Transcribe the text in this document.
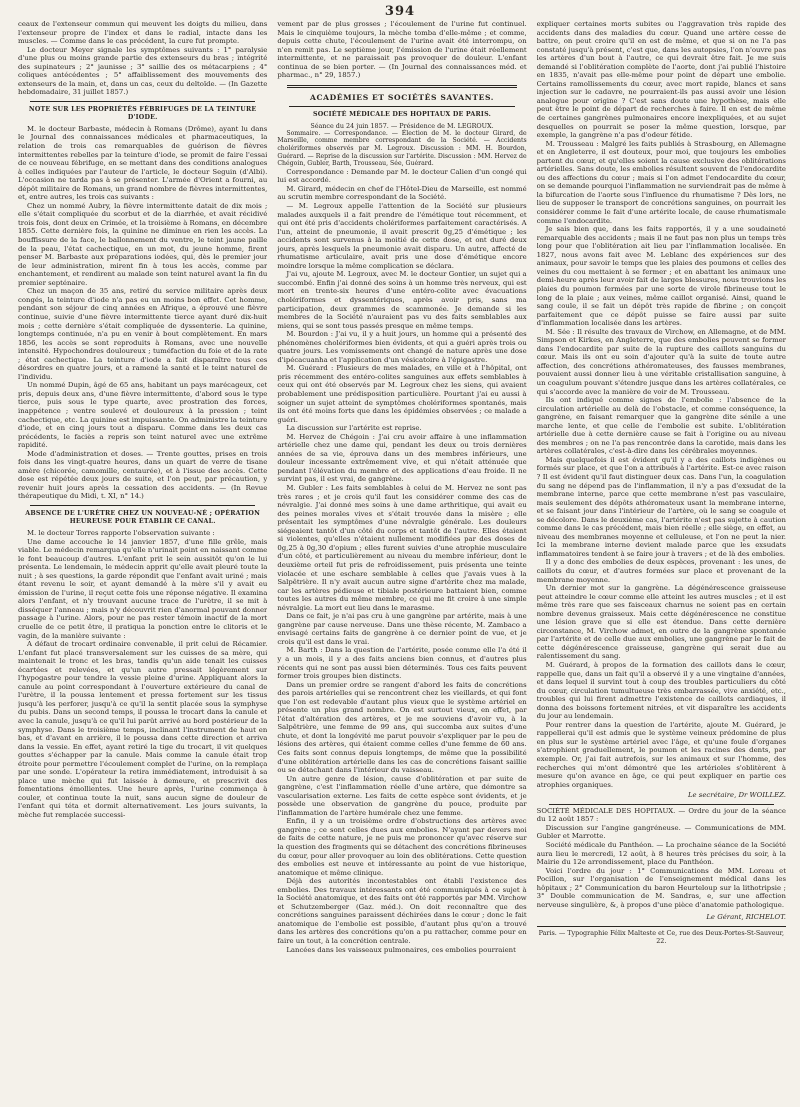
394

ceaux de l'extenseur commun qui meuvent les doigts du milieu, dans l'extenseur propre de l'index et dans le radial, intacte dans les muscles. — Comme dans le cas précédent, la cure fut prompte.

Le docteur Meyer signale les symptômes suivants : 1° paralysie d'une plus ou moins grande partie des extenseurs du bras ; intégrité des supinateurs ; 2° jaunisse ; 3° saillie des os métacarpiens ; 4° coliques antécédentes ; 5° affaiblissement des mouvements des extenseurs de la main, et, dans un cas, ceux du deltoïde. — (In Gazette hebdomadaire, 31 juillet 1857.)

NOTE SUR LES PROPRIÉTÉS FÉBRIFUGES DE LA TEINTURE D'IODE.

M. le docteur Barbaste, médecin à Romans (Drôme), ayant lu dans le Journal des connaissances médicales et pharmaceutiques, la relation de trois cas remarquables de guérison de fièvres intermittentes rebelles par la teinture d'iode, se promit de faire l'essai de ce nouveau fébrifuge, en se mettant dans des conditions analogues à celles indiquées par l'auteur de l'article, le docteur Seguin (d'Albi). L'occasion ne tarda pas à se présenter. L'armée d'Orient a fourni, au dépôt militaire de Romans, un grand nombre de fièvres intermittentes, et, entre autres, les trois cas suivants :

Chez un nommé Aubry, la fièvre intermittente datait de dix mois ; elle s'était compliquée du scorbut et de la diarrhée, et avait récidivé trois fois, dont deux en Crimée, et la troisième à Romans, en décembre 1855. Cette dernière fois, la quinine ne diminue en rien les accès. La bouffissure de la face, le ballonnement du ventre, le teint jaune paille de la peau, l'état cachectique, en un mot, du jeune homme, firent penser M. Barbaste aux préparations iodées, qui, dès le premier jour de leur administration, mirent fin à tous les accès, comme par enchantement, et rendirent au malade son teint naturel avant la fin du premier septénaire.

Chez un maçon de 35 ans, retiré du service militaire après deux congés, la teinture d'iode n'a pas eu un moins bon effet. Cet homme, pendant son séjour de cinq années en Afrique, a éprouvé une fièvre continue, suivie d'une fièvre intermittente tierce ayant duré dix-huit mois ; cette dernière s'était compliquée de dyssenterie. La quinine, longtemps continuée, n'a pu en venir à bout complètement. En mars 1856, les accès se sont reproduits à Romans, avec une nouvelle intensité. Hypochondres douloureux ; tuméfaction du foie et de la rate ; état cachectique. La teinture d'iode a fait disparaître tous ces désordres en quatre jours, et a ramené la santé et le teint naturel de l'individu.

Un nommé Dupin, âgé de 65 ans, habitant un pays marécageux, cet pris, depuis deux ans, d'une fièvre intermittente, d'abord sous le type tierce, puis sous le type quarte, avec prostration des forces, inappétence ; ventre soulevé et douloureux à la pression ; teint cachectique, etc. La quinine est impuissante. On administre la teinture d'iode, et en cinq jours tout a disparu. Comme dans les deux cas précédents, le faciès a repris son teint naturel avec une extrême rapidité.

Mode d'administration et doses. — Trente gouttes, prises en trois fois dans les vingt-quatre heures, dans un quart de verre de tisane amère (chicorée, camomille, centaurée), et à l'issue des accès. Cette dose est répétée deux jours de suite, et l'on peut, par précaution, y revenir huit jours après la cessation des accidents. — (In Revue thérapeutique du Midi, t. XI, n° 14.)

ABSENCE DE L'URÈTRE CHEZ UN NOUVEAU-NÉ ; OPÉRATION HEUREUSE POUR ÉTABLIR CE CANAL.

M. le docteur Torres rapporte l'observation suivante :

Une dame accouche le 14 janvier 1857, d'une fille grêle, mais viable. Le médecin remarqua qu'elle n'urinait point en naissant comme le font beaucoup d'autres. L'enfant prit le sein aussitôt qu'on le lui présenta. Le lendemain, le médecin apprit qu'elle avait pleuré toute la nuit ; à ses questions, la garde répondit que l'enfant avait uriné ; mais étant revenu le soir, et ayant demandé à la mère s'il y avait eu émission de l'urine, il reçut cette fois une réponse négative. Il examina alors l'enfant, et n'y trouvant aucune trace de l'urètre, il se mit à disséquer l'anneau ; mais n'y découvrit rien d'anormal pouvant donner passage à l'urine. Alors, pour ne pas rester témoin inactif de la mort cruelle de ce petit être, il pratiqua la ponction entre le clitoris et le vagin, de la manière suivante :

A défaut de trocart ordinaire convenable, il prit celui de Récamier. L'enfant fut placé transversalement sur les cuisses de sa mère, qui maintenait le tronc et les bras, tandis qu'un aide tenait les cuisses écartées et relevées, et qu'un autre pressait légèrement sur l'hypogastre pour tendre la vessie pleine d'urine. Appliquant alors la canule au point correspondant à l'ouverture extérieure du canal de l'urètre, il la poussa lentement et pressa fortement sur les tissus jusqu'à les perforer, jusqu'à ce qu'il la sentit placée sous la symphyse du pubis. Dans un second temps, il poussa le trocart dans la canule et avec la canule, jusqu'à ce qu'il lui parût arrivé au bord postérieur de la symphyse. Dans le troisième temps, inclinant l'instrument de haut en bas, et d'avant en arrière, il le poussa dans cette direction et arriva dans la vessie. En effet, ayant retiré la tige du trocart, il vit quelques gouttes s'échapper par la canule. Mais comme la canule était trop étroite pour permettre l'écoulement complet de l'urine, on la remplaça par une sonde. L'opérateur la retira immédiatement, introduisit à sa place une mèche qui fut laissée à demeure, et prescrivit des fomentations émollientes. Une heure après, l'urine commença à couler, et continua toute la nuit, sans aucun signe de douleur de l'enfant qui téta et dormit alternativement. Les jours suivants, la mèche fut remplacée successi-

vement par de plus grosses ; l'écoulement de l'urine fut continuel. Mais le cinquième toujours, la mèche tomba d'elle-même ; et comme, depuis cette chute, l'écoulement de l'urine avait été interrompu, on n'en remit pas. Le septième jour, l'émission de l'urine était réellement intermittente, et ne paraissait pas provoquer de douleur. L'enfant continua de se bien porter. — (In Journal des connaissances méd. et pharmac., n° 29, 1857.)

ACADÉMIES ET SOCIÉTÉS SAVANTES.
SOCIÉTÉ MÉDICALE DES HOPITAUX DE PARIS.
Séance du 24 juin 1857. — Présidence de M. LEGROUX.

Sommaire. — Correspondance. — Élection de M. le docteur Girard, de Marseille, comme membre correspondant de la Société. — Accidents cholériformes observés par M. Legroux. Discussion : MM. H. Bourdon, Guérard. — Reprise de la discussion sur l'artérite. Discussion : MM. Hervez de Chégoin, Gubler, Barth, Trousseau, Sée, Guérard.

Correspondance : Demande par M. le docteur Calien d'un congé qui lui est accordé.

M. Girard, médecin en chef de l'Hôtel-Dieu de Marseille, est nommé au scrutin membre correspondant de la Société.

— M. Legroux appelle l'attention de la Société sur plusieurs malades auxquels il a fait prendre de l'émétique tout récemment, et qui ont été pris d'accidents cholériformes parfaitement caractérisés. A l'un, atteint de pneumonie, il avait prescrit 0g,25 d'émétique ; les accidents sont survenus à la moitié de cette dose, et ont duré deux jours, après lesquels la pneumonie avait disparu. Un autre, affecté de rhumatisme articulaire, avait pris une dose d'émétique encore moindre lorsque la même complication se déclara.

J'ai vu, ajoute M. Legroux, avec M. le docteur Gontier, un sujet qui a succombé. Enfin j'ai donné des soins à un homme très nerveux, qui est mort en trente-six heures d'une entéro-colite avec évacuations cholériformes et dyssentériques, après avoir pris, sans ma participation, deux grammes de scammonée. Je demande si les membres de la Société n'auraient pas vu des faits semblables aux miens, qui se sont tous passés presque en même temps.

M. Bourdon : J'ai vu, il y a huit jours, un homme qui a présenté des phénomènes cholériformes bien évidents, et qui a guéri après trois ou quatre jours. Les vomissements ont changé de nature après une dose d'ipécacuanha et l'application d'un vésicatoire à l'épigastre.

M. Guérard : Plusieurs de mes malades, en ville et à l'hôpital, ont pris récemment des entéro-colites sanguines aux effets semblables à ceux qui ont été observés par M. Legroux chez les siens, qui avaient probablement une prédisposition particulière. Pourtant j'ai eu aussi à soigner un sujet atteint de symptômes cholériformes spontanés, mais ils ont été moins forts que dans les épidémies observées ; ce malade a guéri.

La discussion sur l'artérite est reprise.

M. Hervez de Chégoin : J'ai cru avoir affaire à une inflammation artérielle chez une dame qui, pendant les deux ou trois dernières années de sa vie, éprouva dans un des membres inférieurs, une douleur incessante extrêmement vive, et qui n'était atténuée que pendant l'élévation du membre et des applications d'eau froide. Il ne survint pas, il est vrai, de gangrène.

M. Gubler : Les faits semblables à celui de M. Hervez ne sont pas très rares ; et je crois qu'il faut les considérer comme des cas de névralgie. J'ai donné mes soins à une dame arthritique, qui avait eu des peines morales vives et s'était trouvée dans la misère ; elle présentait les symptômes d'une névralgie générale. Les douleurs siégeaient tantôt d'un côté du corps et tantôt de l'autre. Elles étaient si violentes, qu'elles n'étaient nullement modifiées par des doses de 0g,25 à 0g,30 d'opium ; elles furent suivies d'une atrophie musculaire d'un côté, et particulièrement au niveau du membre inférieur, dont le deuxième orteil fut pris de refroidissement, puis présenta une teinte violacée et une eschare semblable à celles que j'avais vues à la Salpêtrière. Il n'y avait aucun autre signe d'artérite chez ma malade, car les artères pédieuse et tibiale postérieure battaient bien, comme toutes les autres du même membre, ce qui me fit croire à une simple névralgie. La mort eut lieu dans le marasme.

Dans ce fait, je n'ai pas cru à une gangrène par artérite, mais à une gangrène par cause nerveuse. Dans une thèse récente, M. Zambaco a envisagé certains faits de gangrène à ce dernier point de vue, et je crois qu'il est dans le vrai.

M. Barth : Dans la question de l'artérite, posée comme elle l'a été il y a un mois, il y a des faits anciens bien connus, et d'autres plus récents qui ne sont pas aussi bien déterminés. Tous ces faits peuvent former trois groupes bien distincts.

Dans un premier ordre se rangent d'abord les faits de concrétions des parois artérielles qui se rencontrent chez les vieillards, et qui font que l'on est redevable d'autant plus vieux que le système artériel en présente un plus grand nombre. On est surtout vieux, en effet, par l'état d'altération des artères, et je me souviens d'avoir vu, à la Salpêtrière, une femme de 99 ans, qui succomba aux suites d'une chute, et dont la longévité me parut pouvoir s'expliquer par le peu de lésions des artères, qui étaient comme celles d'une femme de 60 ans. Ces faits sont connus depuis longtemps, de même que la possibilité d'une oblitération artérielle dans les cas de concrétions faisant saillie ou se détachant dans l'intérieur du vaisseau.

Un autre genre de lésion, cause d'oblitération et par suite de gangrène, c'est l'inflammation réelle d'une artère, que démontre sa vascularisation externe. Les faits de cette espèce sont évidents, et je possède une observation de gangrène du pouce, produite par l'inflammation de l'artère humérale chez une femme.

Enfin, il y a un troisième ordre d'obstructions des artères avec gangrène ; ce sont celles dues aux embolies. N'ayant par devers moi de faits de cette nature, je ne puis me prononcer qu'avec réserve sur la question des fragments qui se détachent des concrétions fibrineuses du cœur, pour aller provoquer au loin des oblitérations. Cette question des embolies est neuve et intéressante au point de vue historique, anatomique et même clinique.

Déjà des autorités incontestables ont établi l'existence des embolies. Des travaux intéressants ont été communiqués à ce sujet à la Société anatomique, et des faits ont été rapportés par MM. Virchow et Schutzemberger (Gaz. méd.). On doit reconnaître que des concrétions sanguines paraissent déchirées dans le cœur ; donc le fait anatomique de l'embolie est possible, d'autant plus qu'on a trouvé dans les artères des concrétions qu'on a pu rattacher, comme pour en faire un tout, à la concrétion centrale.

Lancées dans les vaisseaux pulmonaires, ces embolies pourraient

expliquer certaines morts subites ou l'aggravation très rapide des accidents dans des maladies du cœur. Quand une artère cesse de battre, on peut croire qu'il en est de même, et que si on ne l'a pas constaté jusqu'à présent, c'est que, dans les autopsies, l'on n'ouvre pas les artères d'un bout à l'autre, ce qui devrait être fait. Je me suis demandé si l'oblitération complète de l'aorte, dont j'ai publié l'histoire en 1835, n'avait pas elle-même pour point de départ une embolie. Certains ramollissements du cœur, avec mort rapide, blancs et sans injection sur le cadavre, ne pourraient-ils pas aussi avoir une lésion analogue pour origine ? C'est sans doute une hypothèse, mais elle peut être le point de départ de recherches à faire. Il en est de même de certaines gangrènes pulmonaires encore inexpliquées, et au sujet desquelles on pourrait se poser la même question, lorsque, par exemple, la gangrène n'a pas d'odeur fétide.

M. Trousseau : Malgré les faits publiés à Strasbourg, en Allemagne et en Angleterre, il est douteux, pour moi, que toujours les embolies partent du cœur, et qu'elles soient la cause exclusive des oblitérations artérielles. Sans doute, les embolies résultent souvent de l'endocardite ou des affections du cœur ; mais si l'on admet l'endocardite du cœur, on se demande pourquoi l'inflammation ne surviendrait pas de même à la bifurcation de l'aorte sous l'influence du rhumatisme ? Dès lors, ne lieu de supposer le transport de concrétions sanguines, on pourrait les considérer comme le fait d'une artérite locale, de cause rhumatismale comme l'endocardite.

Je sais bien que, dans les faits rapportés, il y a une soudaineté remarquable des accidents ; mais il ne faut pas non plus un temps très long pour que l'oblitération ait lieu par l'inflammation localisée. En 1827, nous avons fait avec M. Leblanc des expériences sur des animaux, pour savoir le temps que les plaies des poumons et celles des veines du cou mettaient à se fermer ; et en abattant les animaux une demi-heure après leur avoir fait de larges blessures, nous trouvions les plaies du poumon fermées par une sorte de virole fibrineuse tout le long de la plaie ; aux veines, même caillot organisé. Ainsi, quand le sang coule, il se fait un dépôt très rapide de fibrine ; on conçoit parfaitement que ce dépôt puisse se faire aussi par suite d'inflammation localisée dans les artères.

M. Sée : Il résulte des travaux de Virchow, en Allemagne, et de MM. Simpson et Kirkes, en Angleterre, que des embolies peuvent se former dans l'endocardite par suite de la rupture des caillots sanguins du cœur. Mais ils ont eu soin d'ajouter qu'à la suite de toute autre affection, des concrétions athéromateuses, des fausses membranes, pouvaient aussi donner lieu à une véritable cristallisation sanguine, à un coagulum pouvant s'étendre jusque dans les artères collatérales, ce qui s'accorde avec la manière de voir de M. Trousseau.

Ils ont indiqué comme signes de l'embolie : l'absence de la circulation artérielle au delà de l'obstacle, et comme conséquence, la gangrène, en faisant remarquer que la gangrène dite sénile a une marche lente, et que celle de l'embolie est subite. L'oblitération artérielle due à cette dernière cause se fait à l'origine ou au niveau des membres ; on ne l'a pas rencontrée dans la carotide, mais dans les artères collatérales, c'est-à-dire dans les cérébrales moyennes.

Mais quelquefois il est évident qu'il y a des caillots indigènes ou formés sur place, et que l'on a attribués à l'artérite. Est-ce avec raison ? Il est évident qu'il faut distinguer deux cas. Dans l'un, la coagulation du sang ne dépend pas de l'inflammation, il n'y a pas d'exsudat de la membrane interne, parce que cette membrane n'est pas vasculaire, mais seulement des dépôts athéromateux usant la membrane interne, et se faisant jour dans l'intérieur de l'artère, où le sang se coagule et se décolore. Dans le deuxième cas, l'artérite n'est pas sujette à caution comme dans le cas précédent, mais bien réelle ; elle siège, en effet, au niveau des membranes moyenne et celluleuse, et l'on ne peut la nier. Ici la membrane interne devient malade parce que les exsudats inflammatoires tendent à se faire jour à travers ; et de là des embolies.

Il y a donc des embolies de deux espèces, provenant : les unes, de caillots du cœur, et d'autres formées sur place et provenant de la membrane moyenne.

Un dernier mot sur la gangrène. La dégénérescence graisseuse peut atteindre le cœur comme elle atteint les autres muscles ; et il est même très rare que ses faisceaux charnus ne soient pas en certain nombre devenus graisseux. Mais cette dégénérescence ne constitue une lésion grave que si elle est étendue. Dans cette dernière circonstance, M. Virchow admet, en outre de la gangrène spontanée par l'artérite et de celle due aux embolies, une gangrène par le fait de cette dégénérescence graisseuse, gangrène qui serait due au ralentissement du sang.

M. Guérard, à propos de la formation des caillots dans le cœur, rappelle que, dans un fait qu'il a observé il y a une vingtaine d'années, et dans lequel il survint tout à coup des troubles particuliers du côté du cœur, circulation tumultueuse très embarrassée, vive anxiété, etc., troubles qui lui firent admettre l'existence de caillots cardiaques, il donna des boissons fortement nitrées, et vit disparaître les accidents du jour au lendemain.

Pour rentrer dans la question de l'artérite, ajoute M. Guérard, je rappellerai qu'il est admis que le système veineux prédomine de plus en plus sur le système artériel avec l'âge, et qu'une foule d'organes s'atrophient graduellement, le poumon et les racines des dents, par exemple. Or, j'ai fait autrefois, sur les animaux et sur l'homme, des recherches qui m'ont démontré que les artérioles s'oblitèrent à mesure qu'on avance en âge, ce qui peut expliquer en partie ces atrophies organiques.

Le secrétaire, Dr WOILLEZ.

SOCIÉTÉ MÉDICALE DES HOPITAUX. — Ordre du jour de la séance du 12 août 1857 :

Discussion sur l'angine gangréneuse. — Communications de MM. Gubler et Marrotte.

Société médicale du Panthéon. — La prochaine séance de la Société aura lieu le mercredi, 12 août, à 8 heures très précises du soir, à la Mairie du 12e arrondissement, place du Panthéon.

Voici l'ordre du jour : 1° Communications de MM. Loreau et Pocillon, sur l'organisation de l'enseignement médical dans les hôpitaux ; 2° Communication du baron Heurteloup sur la lithotripsie ; 3° Double communication de M. Sandras, e, sur une affection nerveuse singulière, &, à propos d'une pièce d'anatomie pathologique.

Le Gérant, RICHELOT.
Paris. — Typographie Félix Malteste et Ce, rue des Deux-Portes-St-Sauveur, 22.
